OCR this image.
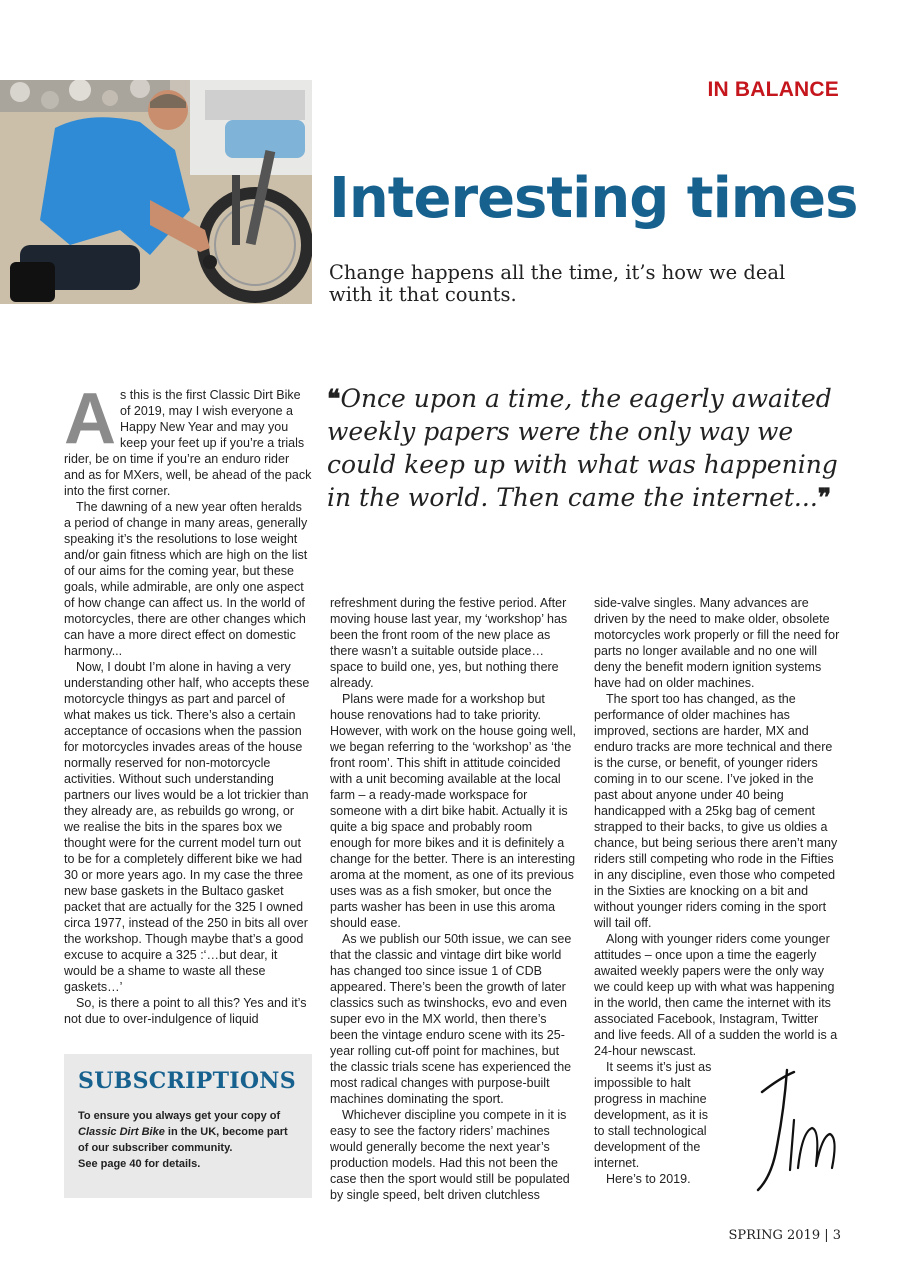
IN BALANCE
Interesting times
Change happens all the time, it’s how we deal with it that counts.
❝Once upon a time, the eagerly awaited weekly papers were the only way we could keep up with what was happening in the world. Then came the internet...❞

As this is the first Classic Dirt Bike of 2019, may I wish everyone a Happy New Year and may you keep your feet up if you’re a trials rider, be on time if you’re an enduro rider and as for MXers, well, be ahead of the pack into the first corner.

The dawning of a new year often heralds a period of change in many areas, generally speaking it’s the resolutions to lose weight and/or gain fitness which are high on the list of our aims for the coming year, but these goals, while admirable, are only one aspect of how change can affect us. In the world of motorcycles, there are other changes which can have a more direct effect on domestic harmony...

Now, I doubt I’m alone in having a very understanding other half, who accepts these motorcycle thingys as part and parcel of what makes us tick. There’s also a certain acceptance of occasions when the passion for motorcycles invades areas of the house normally reserved for non-motorcycle activities. Without such understanding partners our lives would be a lot trickier than they already are, as rebuilds go wrong, or we realise the bits in the spares box we thought were for the current model turn out to be for a completely different bike we had 30 or more years ago. In my case the three new base gaskets in the Bultaco gasket packet that are actually for the 325 I owned circa 1977, instead of the 250 in bits all over the workshop. Though maybe that’s a good excuse to acquire a 325 :‘…but dear, it would be a shame to waste all these gaskets…’

So, is there a point to all this? Yes and it’s not due to over-indulgence of liquid

SUBSCRIPTIONS
To ensure you always get your copy of Classic Dirt Bike in the UK, become part of our subscriber community.
See page 40 for details.

refreshment during the festive period. After moving house last year, my ‘workshop’ has been the front room of the new place as there wasn’t a suitable outside place… space to build one, yes, but nothing there already.

Plans were made for a workshop but house renovations had to take priority. However, with work on the house going well, we began referring to the ‘workshop’ as ‘the front room’. This shift in attitude coincided with a unit becoming available at the local farm – a ready-made workspace for someone with a dirt bike habit. Actually it is quite a big space and probably room enough for more bikes and it is definitely a change for the better. There is an interesting aroma at the moment, as one of its previous uses was as a fish smoker, but once the parts washer has been in use this aroma should ease.

As we publish our 50th issue, we can see that the classic and vintage dirt bike world has changed too since issue 1 of CDB appeared. There’s been the growth of later classics such as twinshocks, evo and even super evo in the MX world, then there’s been the vintage enduro scene with its 25-year rolling cut-off point for machines, but the classic trials scene has experienced the most radical changes with purpose-built machines dominating the sport.

Whichever discipline you compete in it is easy to see the factory riders’ machines would generally become the next year’s production models. Had this not been the case then the sport would still be populated by single speed, belt driven clutchless

side-valve singles. Many advances are driven by the need to make older, obsolete motorcycles work properly or fill the need for parts no longer available and no one will deny the benefit modern ignition systems have had on older machines.

The sport too has changed, as the performance of older machines has improved, sections are harder, MX and enduro tracks are more technical and there is the curse, or benefit, of younger riders coming in to our scene. I’ve joked in the past about anyone under 40 being handicapped with a 25kg bag of cement strapped to their backs, to give us oldies a chance, but being serious there aren’t many riders still competing who rode in the Fifties in any discipline, even those who competed in the Sixties are knocking on a bit and without younger riders coming in the sport will tail off.

Along with younger riders come younger attitudes – once upon a time the eagerly awaited weekly papers were the only way we could keep up with what was happening in the world, then came the internet with its associated Facebook, Instagram, Twitter and live feeds. All of a sudden the world is a 24-hour newscast.

It seems it’s just as impossible to halt progress in machine development, as it is to stall technological development of the internet.

Here’s to 2019.

SPRING 2019 | 3
